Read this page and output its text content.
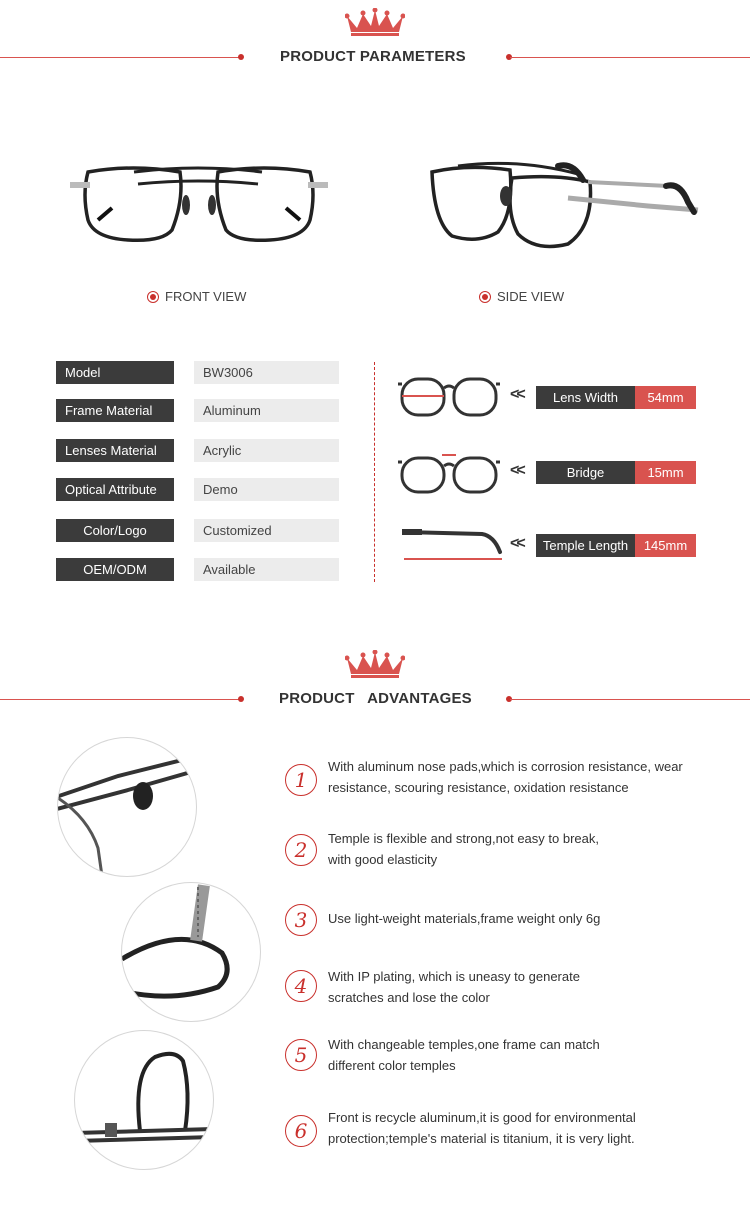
PRODUCT PARAMETERS
FRONT VIEW	SIDE VIEW
Model	BW3006
Frame Material	Aluminum
Lenses Material	Acrylic
Optical Attribute	Demo
Color/Logo	Customized
OEM/ODM	Available
<<
<<
<<
Lens Width	54mm
Bridge	15mm
Temple Length	145mm
PRODUCT   ADVANTAGES
1
With aluminum nose pads,which is corrosion resistance, wear
resistance, scouring resistance, oxidation resistance
2	Temple is flexible and strong,not easy to break,
with good elasticity
3	Use light-weight materials,frame weight only 6g
4	With IP plating, which is uneasy to generate
scratches and lose the color
5	With changeable temples,one frame can match
different color temples
6
Front is recycle aluminum,it is good for environmental
protection;temple's material is titanium, it is very light.
